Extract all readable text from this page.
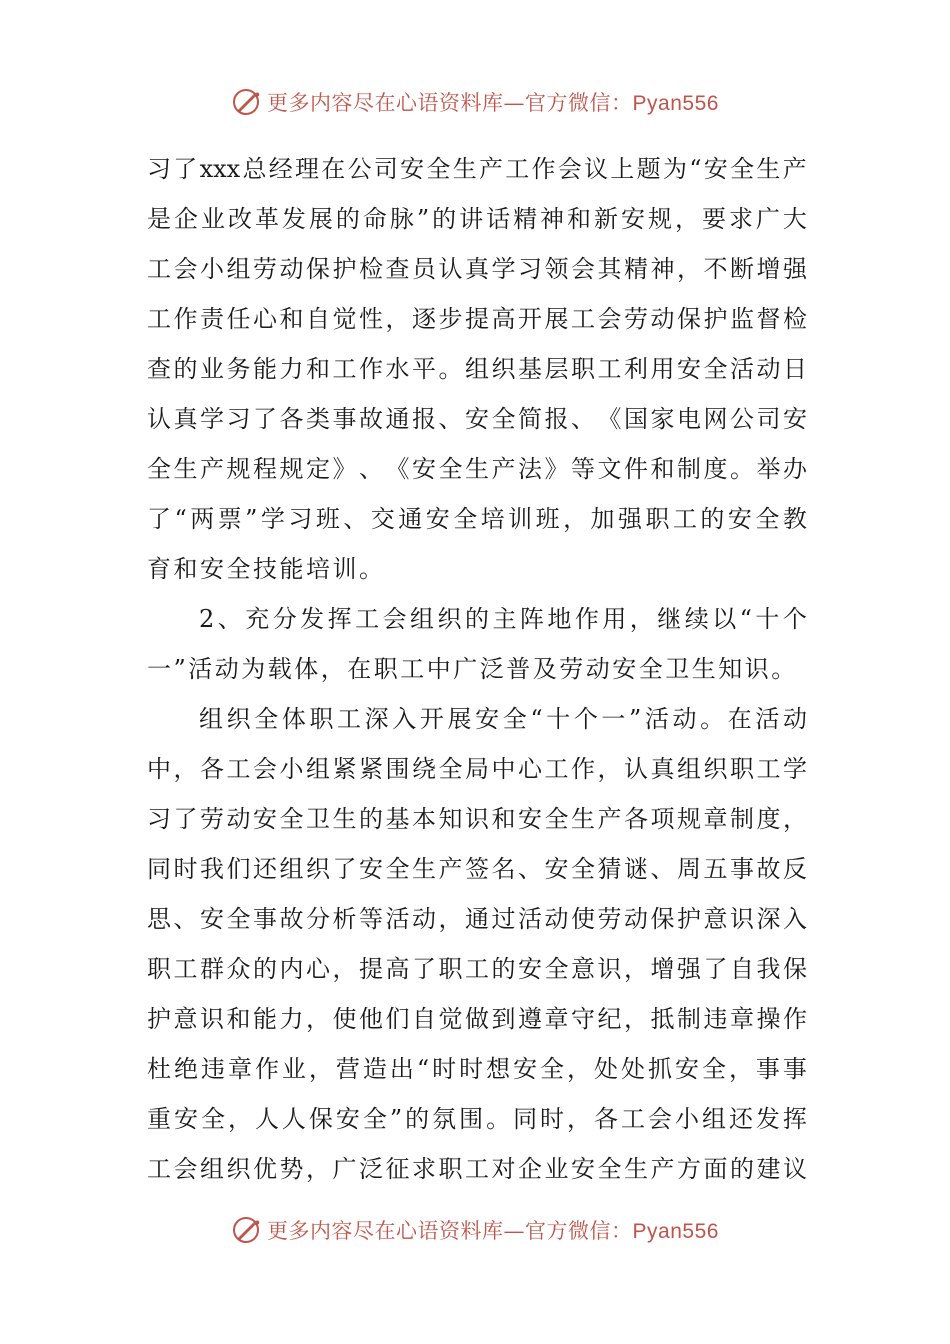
更多内容尽在心语资料库—官方微信：Pyan556
习 了 xxx 总 经 理 在 公 司 安 全 生 产 工 作 会 议 上 题 为 “ 安 全 生 产
是 企 业 改 革 发 展 的 命 脉 ” 的 讲 话 精 神 和 新 安 规 ， 要 求 广 大
工 会 小 组 劳 动 保 护 检 查 员 认 真 学 习 领 会 其 精 神 ， 不 断 增 强
工 作 责 任 心 和 自 觉 性 ， 逐 步 提 高 开 展 工 会 劳 动 保 护 监 督 检
查 的 业 务 能 力 和 工 作 水 平 。 组 织 基 层 职 工 利 用 安 全 活 动 日
认 真 学 习 了 各 类 事 故 通 报 、 安 全 简 报 、 《 国 家 电 网 公 司 安
全 生 产 规 程 规 定 》 、 《 安 全 生 产 法 》 等 文 件 和 制 度 。 举 办
了 “ 两 票 ” 学 习 班 、 交 通 安 全 培 训 班 ， 加 强 职 工 的 安 全 教
育 和 安 全 技 能 培 训 。
2 、 充 分 发 挥 工 会 组 织 的 主 阵 地 作 用 ， 继 续 以 “ 十 个
一 ” 活 动 为 载 体 ， 在 职 工 中 广 泛 普 及 劳 动 安 全 卫 生 知 识 。
组 织 全 体 职 工 深 入 开 展 安 全 “ 十 个 一 ” 活 动 。 在 活 动
中 ， 各 工 会 小 组 紧 紧 围 绕 全 局 中 心 工 作 ， 认 真 组 织 职 工 学
习 了 劳 动 安 全 卫 生 的 基 本 知 识 和 安 全 生 产 各 项 规 章 制 度 ，
同 时 我 们 还 组 织 了 安 全 生 产 签 名 、 安 全 猜 谜 、 周 五 事 故 反
思 、 安 全 事 故 分 析 等 活 动 ， 通 过 活 动 使 劳 动 保 护 意 识 深 入
职 工 群 众 的 内 心 ， 提 高 了 职 工 的 安 全 意 识 ， 增 强 了 自 我 保
护 意 识 和 能 力 ， 使 他 们 自 觉 做 到 遵 章 守 纪 ， 抵 制 违 章 操 作
杜 绝 违 章 作 业 ， 营 造 出 “ 时 时 想 安 全 ， 处 处 抓 安 全 ， 事 事
重 安 全 ， 人 人 保 安 全 ” 的 氛 围 。 同 时 ， 各 工 会 小 组 还 发 挥
工 会 组 织 优 势 ， 广 泛 征 求 职 工 对 企 业 安 全 生 产 方 面 的 建 议
更多内容尽在心语资料库—官方微信：Pyan556
